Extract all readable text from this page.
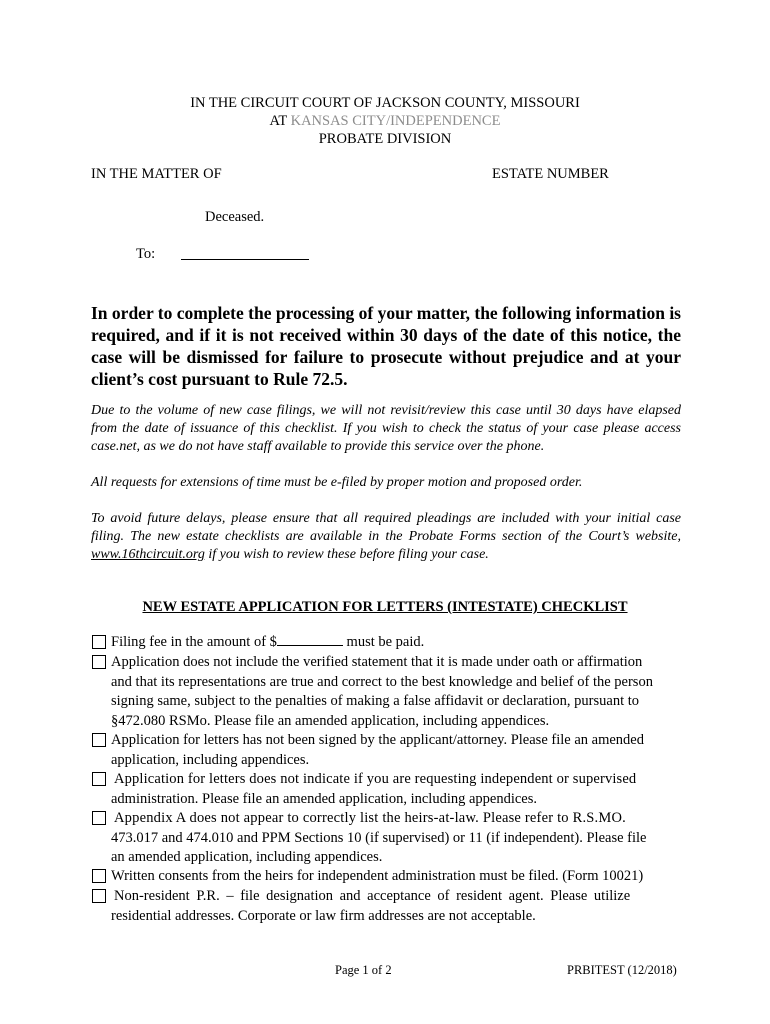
IN THE CIRCUIT COURT OF JACKSON COUNTY, MISSOURI
AT KANSAS CITY/INDEPENDENCE
PROBATE DIVISION
IN THE MATTER OF	ESTATE NUMBER
Deceased.
To:
In order to complete the processing of your matter, the following information is required, and if it is not received within 30 days of the date of this notice, the case will be dismissed for failure to prosecute without prejudice and at your client’s cost pursuant to Rule 72.5.
Due to the volume of new case filings, we will not revisit/review this case until 30 days have elapsed from the date of issuance of this checklist. If you wish to check the status of your case please access case.net, as we do not have staff available to provide this service over the phone.
All requests for extensions of time must be e-filed by proper motion and proposed order.
To avoid future delays, please ensure that all required pleadings are included with your initial case filing. The new estate checklists are available in the Probate Forms section of the Court’s website, www.16thcircuit.org if you wish to review these before filing your case.
NEW ESTATE APPLICATION FOR LETTERS (INTESTATE) CHECKLIST
Filing fee in the amount of $	must be paid.
Application does not include the verified statement that it is made under oath or affirmation
and that its representations are true and correct to the best knowledge and belief of the person
signing same, subject to the penalties of making a false affidavit or declaration, pursuant to
§472.080 RSMo. Please file an amended application, including appendices.
Application for letters has not been signed by the applicant/attorney. Please file an amended
application, including appendices.
Application for letters does not indicate if you are requesting independent or supervised
administration. Please file an amended application, including appendices.
Appendix A does not appear to correctly list the heirs-at-law. Please refer to R.S.MO.
473.017 and 474.010 and PPM Sections 10 (if supervised) or 11 (if independent). Please file
an amended application, including appendices.
Written consents from the heirs for independent administration must be filed. (Form 10021)
Non-resident P.R. – file designation and acceptance of resident agent. Please utilize
residential addresses. Corporate or law firm addresses are not acceptable.
Page 1 of 2	PRBITEST (12/2018)
